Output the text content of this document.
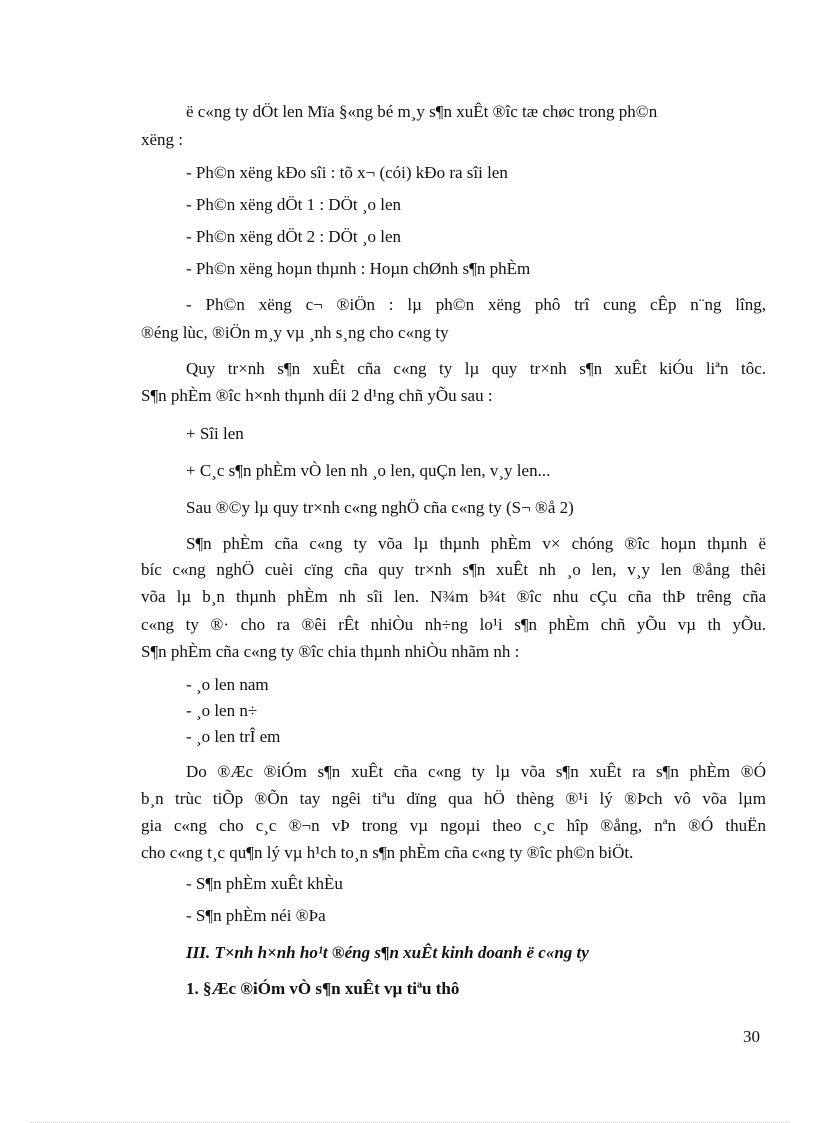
ë c«ng ty dÖt len Mïa §«ng bé m¸y s¶n xuÊt ®îc tæ chøc trong ph©n

xëng :

- Ph©n xëng kÐo sîi : tõ x¬ (cói) kÐo ra sîi len

- Ph©n xëng dÖt 1 : DÖt ¸o len

- Ph©n xëng dÖt 2 : DÖt ¸o len

- Ph©n xëng hoµn thµnh : Hoµn chØnh s¶n phÈm

- Ph©n xëng c¬ ®iÖn : lµ ph©n xëng phô trî cung cÊp n¨ng lîng,

®éng lùc, ®iÖn m¸y vµ ¸nh s¸ng cho c«ng ty

Quy tr×nh s¶n xuÊt cña c«ng ty lµ quy tr×nh s¶n xuÊt kiÓu liªn tôc.

S¶n phÈm ®îc h×nh thµnh díi 2 d¹ng chñ yÕu sau :

+ Sîi len

+ C¸c s¶n phÈm vÒ len nh ¸o len, quÇn len, v¸y len...

Sau ®©y lµ quy tr×nh c«ng nghÖ cña c«ng ty (S¬ ®å 2)

S¶n phÈm cña c«ng ty võa lµ thµnh phÈm v× chóng ®îc hoµn thµnh ë

bíc c«ng nghÖ cuèi cïng cña quy tr×nh s¶n xuÊt nh ¸o len, v¸y len ®ång thêi

võa lµ b¸n thµnh phÈm nh sîi len. N¾m b¾t ®îc nhu cÇu cña thÞ trêng cña

c«ng ty ®· cho ra ®êi rÊt nhiÒu nh÷ng lo¹i s¶n phÈm chñ yÕu vµ th yÕu.

S¶n phÈm cña c«ng ty ®îc chia thµnh nhiÒu nhãm nh :

- ¸o len nam

- ¸o len n÷

- ¸o len trÎ em

Do ®Æc ®iÓm s¶n xuÊt cña c«ng ty lµ võa s¶n xuÊt ra s¶n phÈm ®Ó

b¸n trùc tiÕp ®Õn tay ngêi tiªu dïng qua hÖ thèng ®¹i lý ®Þch vô võa lµm

gia c«ng cho c¸c ®¬n vÞ trong vµ ngoµi theo c¸c hîp ®ång, nªn ®Ó thuËn

cho c«ng t¸c qu¶n lý vµ h¹ch to¸n s¶n phÈm cña c«ng ty ®îc ph©n biÖt.

- S¶n phÈm xuÊt khÈu

- S¶n phÈm néi ®Þa

III. T×nh h×nh ho¹t ®éng s¶n xuÊt kinh doanh ë c«ng ty

1. §Æc ®iÓm vÒ s¶n xuÊt vµ tiªu thô

30
